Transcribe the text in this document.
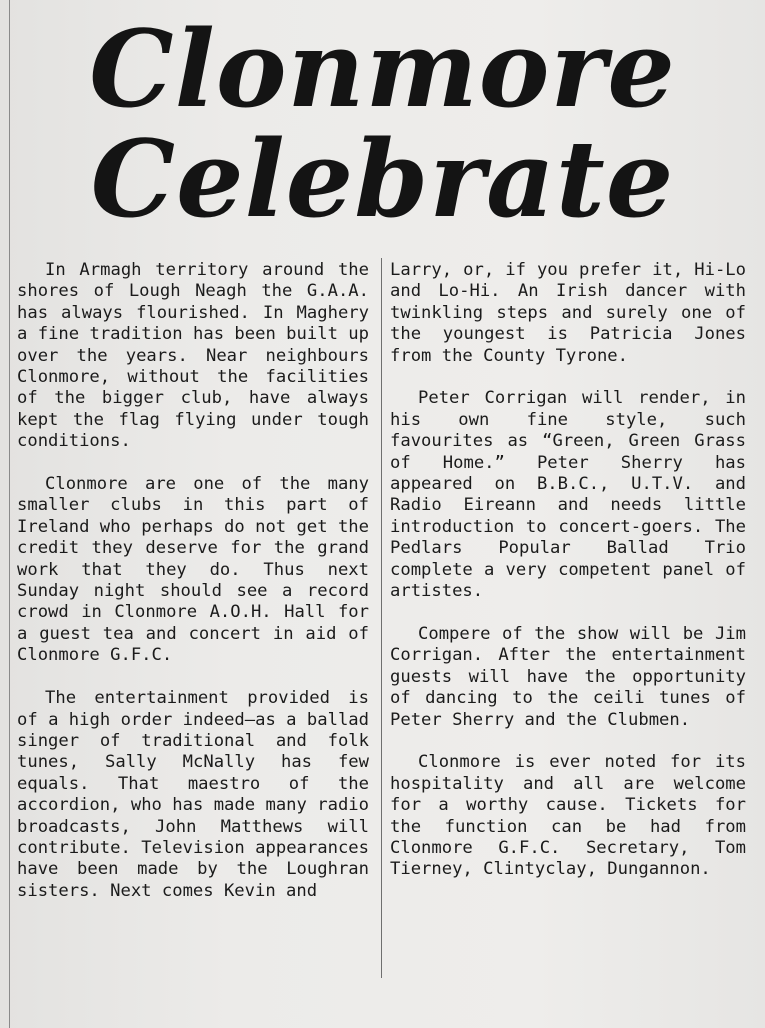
Clonmore
Celebrate

In Armagh territory around the shores of Lough Neagh the G.A.A. has always flourished. In Maghery a fine tradition has been built up over the years. Near neighbours Clonmore, without the facilities of the bigger club, have always kept the flag flying under tough conditions.

Clonmore are one of the many smaller clubs in this part of Ireland who perhaps do not get the credit they deserve for the grand work that they do. Thus next Sunday night should see a record crowd in Clonmore A.O.H. Hall for a guest tea and concert in aid of Clonmore G.F.C.

The entertainment provided is of a high order indeed—as a ballad singer of traditional and folk tunes, Sally McNally has few equals. That maestro of the accordion, who has made many radio broadcasts, John Matthews will contribute. Television appearances have been made by the Loughran sisters. Next comes Kevin and

Larry, or, if you prefer it, Hi-Lo and Lo-Hi. An Irish dancer with twinkling steps and surely one of the youngest is Patricia Jones from the County Tyrone.

Peter Corrigan will render, in his own fine style, such favourites as “Green, Green Grass of Home.” Peter Sherry has appeared on B.B.C., U.T.V. and Radio Eireann and needs little introduction to concert-goers. The Pedlars Popular Ballad Trio complete a very competent panel of artistes.

Compere of the show will be Jim Corrigan. After the entertainment guests will have the opportunity of dancing to the ceili tunes of Peter Sherry and the Clubmen.

Clonmore is ever noted for its hospitality and all are welcome for a worthy cause. Tickets for the function can be had from Clonmore G.F.C. Secretary, Tom Tierney, Clintyclay, Dungannon.
